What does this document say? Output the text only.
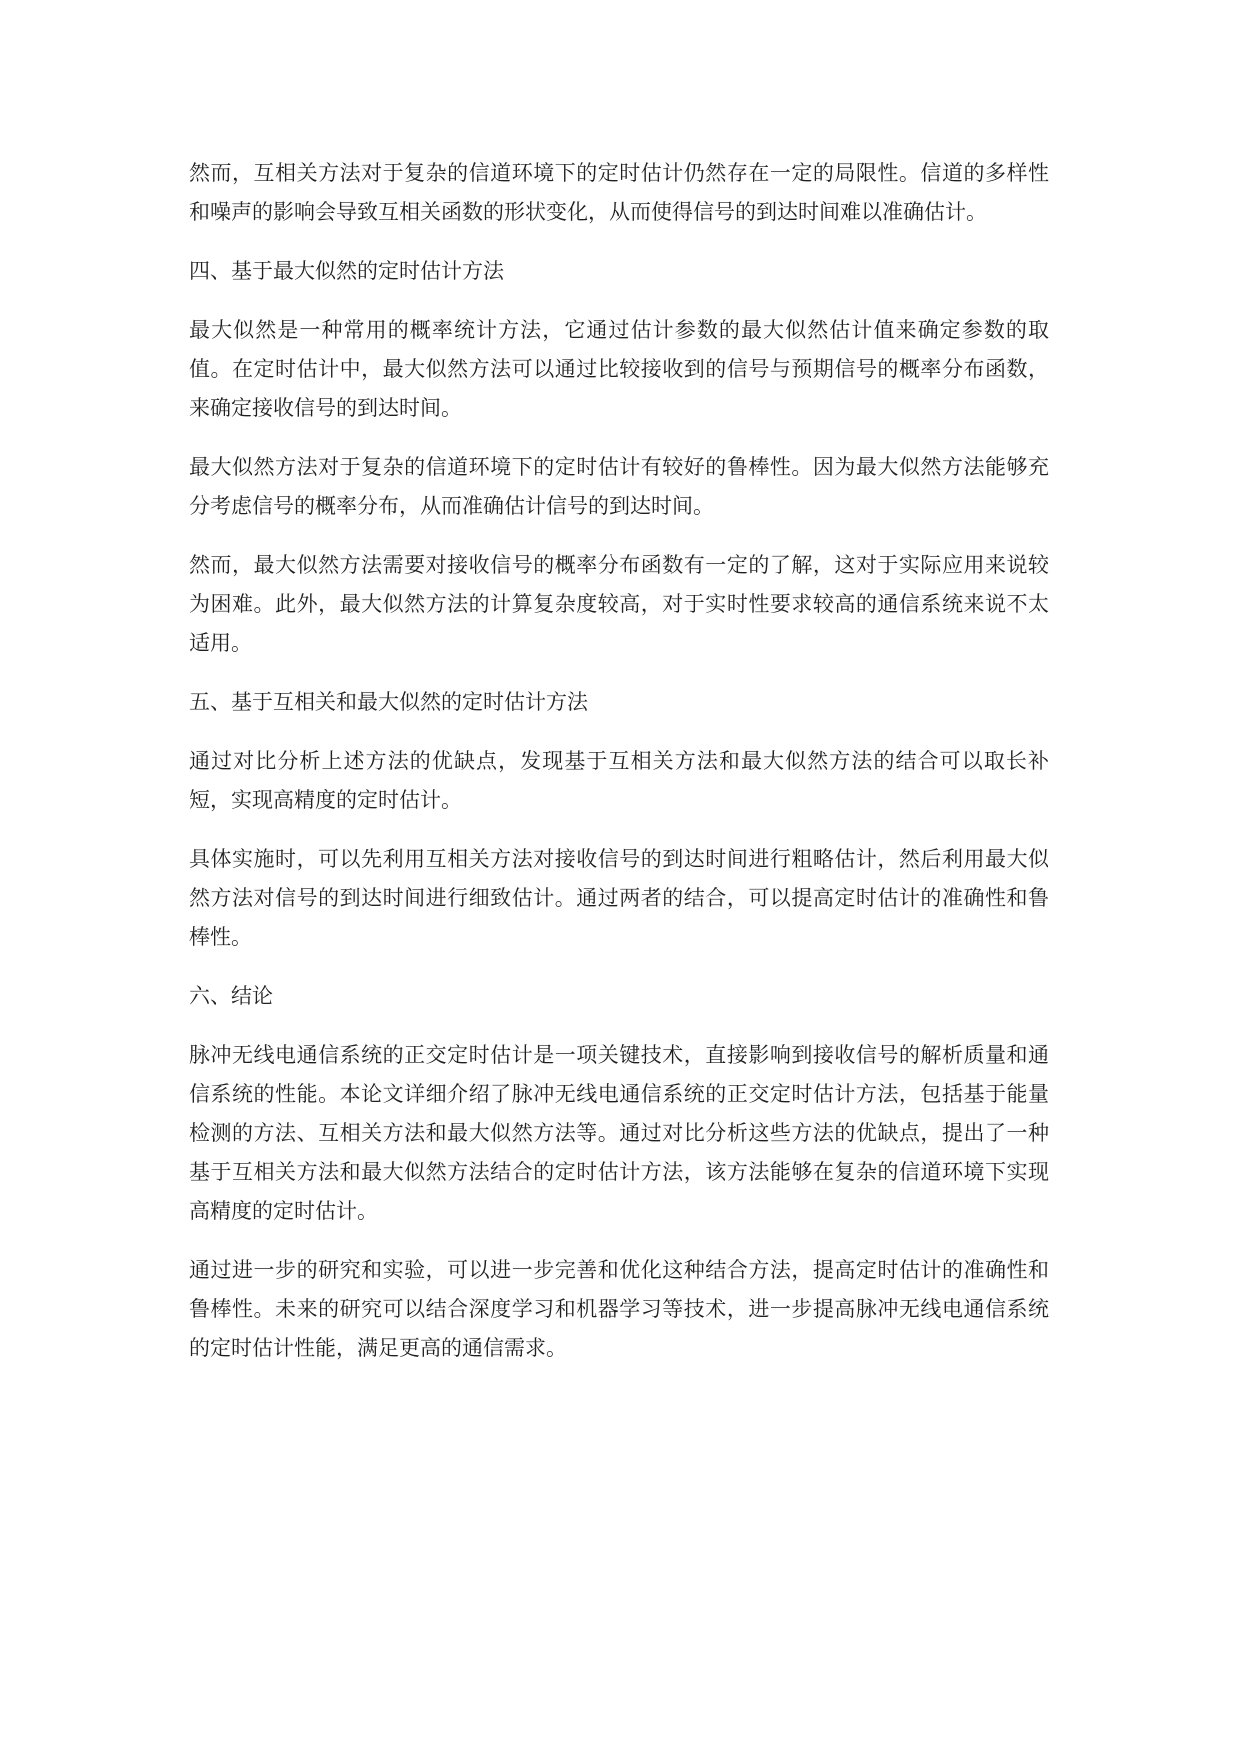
然而，互相关方法对于复杂的信道环境下的定时估计仍然存在一定的局限性。信道的多样性和噪声的影响会导致互相关函数的形状变化，从而使得信号的到达时间难以准确估计。

四、基于最大似然的定时估计方法

最大似然是一种常用的概率统计方法，它通过估计参数的最大似然估计值来确定参数的取值。在定时估计中，最大似然方法可以通过比较接收到的信号与预期信号的概率分布函数，来确定接收信号的到达时间。

最大似然方法对于复杂的信道环境下的定时估计有较好的鲁棒性。因为最大似然方法能够充分考虑信号的概率分布，从而准确估计信号的到达时间。

然而，最大似然方法需要对接收信号的概率分布函数有一定的了解，这对于实际应用来说较为困难。此外，最大似然方法的计算复杂度较高，对于实时性要求较高的通信系统来说不太适用。

五、基于互相关和最大似然的定时估计方法

通过对比分析上述方法的优缺点，发现基于互相关方法和最大似然方法的结合可以取长补短，实现高精度的定时估计。

具体实施时，可以先利用互相关方法对接收信号的到达时间进行粗略估计，然后利用最大似然方法对信号的到达时间进行细致估计。通过两者的结合，可以提高定时估计的准确性和鲁棒性。

六、结论

脉冲无线电通信系统的正交定时估计是一项关键技术，直接影响到接收信号的解析质量和通信系统的性能。本论文详细介绍了脉冲无线电通信系统的正交定时估计方法，包括基于能量检测的方法、互相关方法和最大似然方法等。通过对比分析这些方法的优缺点，提出了一种基于互相关方法和最大似然方法结合的定时估计方法，该方法能够在复杂的信道环境下实现高精度的定时估计。

通过进一步的研究和实验，可以进一步完善和优化这种结合方法，提高定时估计的准确性和鲁棒性。未来的研究可以结合深度学习和机器学习等技术，进一步提高脉冲无线电通信系统的定时估计性能，满足更高的通信需求。
